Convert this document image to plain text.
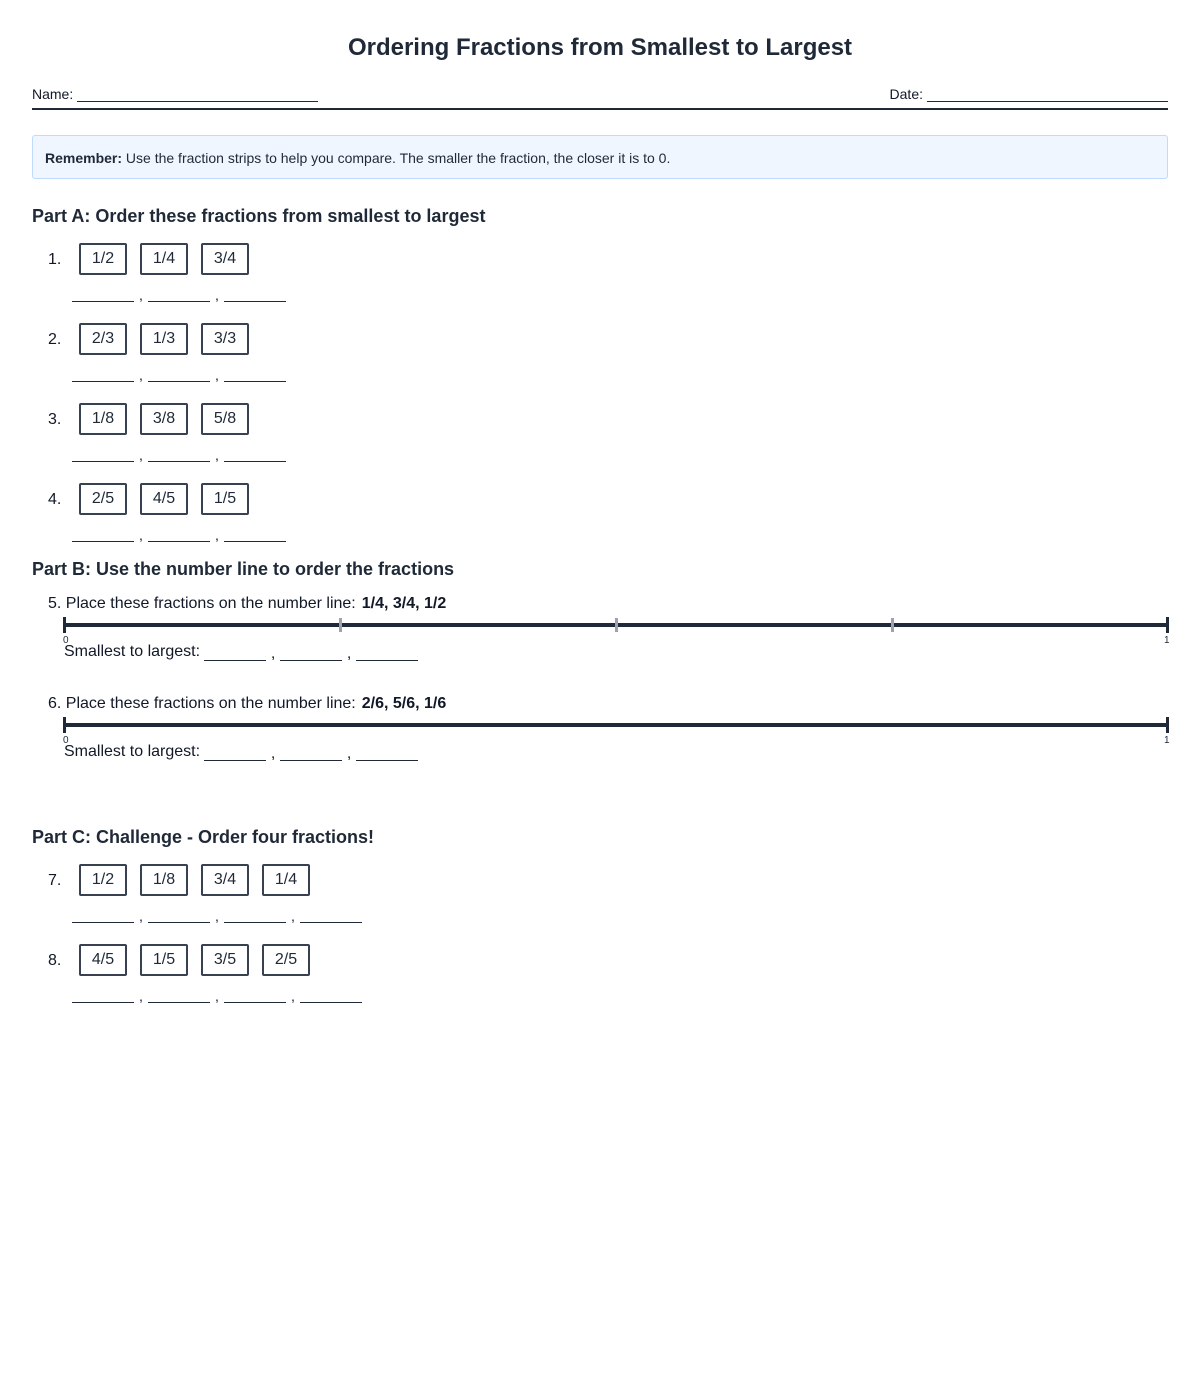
Ordering Fractions from Smallest to Largest
Name:	Date:
Remember: Use the fraction strips to help you compare. The smaller the fraction, the closer it is to 0.
Part A: Order these fractions from smallest to largest
1.	1/2	1/4	3/4
,	,
2.	2/3	1/3	3/3
,	,
3.	1/8	3/8	5/8
,	,
4.	2/5	4/5	1/5
,	,
Part B: Use the number line to order the fractions
5. Place these fractions on the number line: 1/4, 3/4, 1/2
0	1
Smallest to largest:	,	,
6. Place these fractions on the number line: 2/6, 5/6, 1/6
0	1
Smallest to largest:	,	,
Part C: Challenge - Order four fractions!
7.	1/2	1/8	3/4	1/4
,	,	,
8.	4/5	1/5	3/5	2/5
,	,	,
